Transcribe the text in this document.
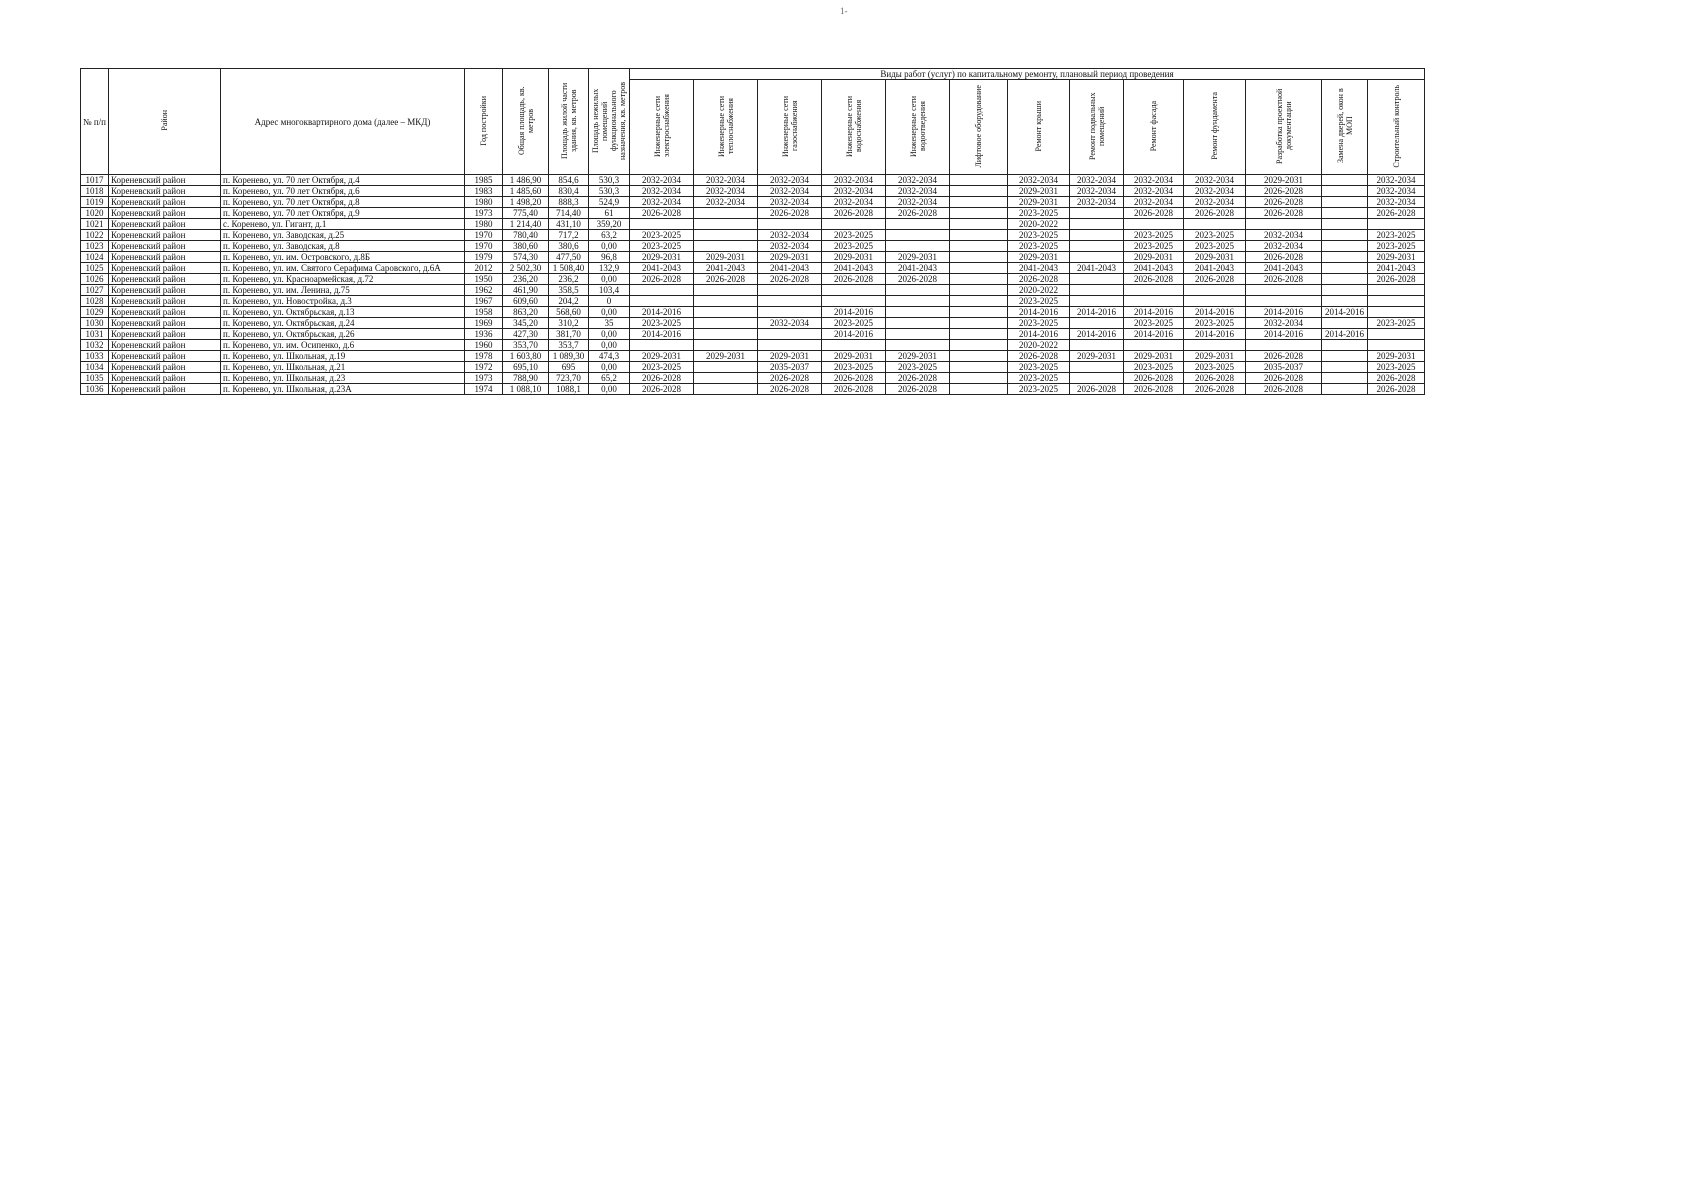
1-
№ п/п	Район	Адрес многоквартирного дома (далее – МКД)	Год постройки	Общая площадь, кв. метров	Площадь жилой части здания, кв. метров	Площадь нежилых помещений функционального назначения, кв. метров	Виды работ (услуг) по капитальному ремонту, плановый период проведения												
							Инженерные сети электроснабжения	Инженерные сети теплоснабжения	Инженерные сети газоснабжения	Инженерные сети водоснабжения	Инженерные сети водоотведения	Лифтовое оборудование	Ремонт крыши	Ремонт подвальных помещений	Ремонт фасада	Ремонт фундамента	Разработка проектной документации	Замена дверей, окон в МОП	Строительный контроль
1017	Кореневский район	п. Коренево, ул. 70 лет Октября, д.4	1985	1 486,90	854,6	530,3	2032-2034	2032-2034	2032-2034	2032-2034	2032-2034		2032-2034	2032-2034	2032-2034	2032-2034	2029-2031		2032-2034
1018	Кореневский район	п. Коренево, ул. 70 лет Октября, д.6	1983	1 485,60	830,4	530,3	2032-2034	2032-2034	2032-2034	2032-2034	2032-2034		2029-2031	2032-2034	2032-2034	2032-2034	2026-2028		2032-2034
1019	Кореневский район	п. Коренево, ул. 70 лет Октября, д.8	1980	1 498,20	888,3	524,9	2032-2034	2032-2034	2032-2034	2032-2034	2032-2034		2029-2031	2032-2034	2032-2034	2032-2034	2026-2028		2032-2034
1020	Кореневский район	п. Коренево, ул. 70 лет Октября, д.9	1973	775,40	714,40	61	2026-2028		2026-2028	2026-2028	2026-2028		2023-2025		2026-2028	2026-2028	2026-2028		2026-2028
1021	Кореневский район	с. Коренево, ул. Гигант, д.1	1980	1 214,40	431,10	359,20							2020-2022						
1022	Кореневский район	п. Коренево, ул. Заводская, д.25	1970	780,40	717,2	63,2	2023-2025		2032-2034	2023-2025			2023-2025		2023-2025	2023-2025	2032-2034		2023-2025
1023	Кореневский район	п. Коренево, ул. Заводская, д.8	1970	380,60	380,6	0,00	2023-2025		2032-2034	2023-2025			2023-2025		2023-2025	2023-2025	2032-2034		2023-2025
1024	Кореневский район	п. Коренево, ул. им. Островского, д.8Б	1979	574,30	477,50	96,8	2029-2031	2029-2031	2029-2031	2029-2031	2029-2031		2029-2031		2029-2031	2029-2031	2026-2028		2029-2031
1025	Кореневский район	п. Коренево, ул. им. Святого Серафима Саровского, д.6А	2012	2 502,30	1 508,40	132,9	2041-2043	2041-2043	2041-2043	2041-2043	2041-2043		2041-2043	2041-2043	2041-2043	2041-2043	2041-2043		2041-2043
1026	Кореневский район	п. Коренево, ул. Красноармейская, д.72	1950	236,20	236,2	0,00	2026-2028	2026-2028	2026-2028	2026-2028	2026-2028		2026-2028		2026-2028	2026-2028	2026-2028		2026-2028
1027	Кореневский район	п. Коренево, ул. им. Ленина, д.75	1962	461,90	358,5	103,4							2020-2022						
1028	Кореневский район	п. Коренево, ул. Новостройка, д.3	1967	609,60	204,2	0							2023-2025						
1029	Кореневский район	п. Коренево, ул. Октябрьская, д.13	1958	863,20	568,60	0,00	2014-2016			2014-2016			2014-2016	2014-2016	2014-2016	2014-2016	2014-2016	2014-2016	
1030	Кореневский район	п. Коренево, ул. Октябрьская, д.24	1969	345,20	310,2	35	2023-2025		2032-2034	2023-2025			2023-2025		2023-2025	2023-2025	2032-2034		2023-2025
1031	Кореневский район	п. Коренево, ул. Октябрьская, д.26	1936	427,30	381,70	0,00	2014-2016			2014-2016			2014-2016	2014-2016	2014-2016	2014-2016	2014-2016	2014-2016	
1032	Кореневский район	п. Коренево, ул. им. Осипенко, д.6	1960	353,70	353,7	0,00							2020-2022						
1033	Кореневский район	п. Коренево, ул. Школьная, д.19	1978	1 603,80	1 089,30	474,3	2029-2031	2029-2031	2029-2031	2029-2031	2029-2031		2026-2028	2029-2031	2029-2031	2029-2031	2026-2028		2029-2031
1034	Кореневский район	п. Коренево, ул. Школьная, д.21	1972	695,10	695	0,00	2023-2025		2035-2037	2023-2025	2023-2025		2023-2025		2023-2025	2023-2025	2035-2037		2023-2025
1035	Кореневский район	п. Коренево, ул. Школьная, д.23	1973	788,90	723,70	65,2	2026-2028		2026-2028	2026-2028	2026-2028		2023-2025		2026-2028	2026-2028	2026-2028		2026-2028
1036	Кореневский район	п. Коренево, ул. Школьная, д.23А	1974	1 088,10	1088,1	0,00	2026-2028		2026-2028	2026-2028	2026-2028		2023-2025	2026-2028	2026-2028	2026-2028	2026-2028		2026-2028
